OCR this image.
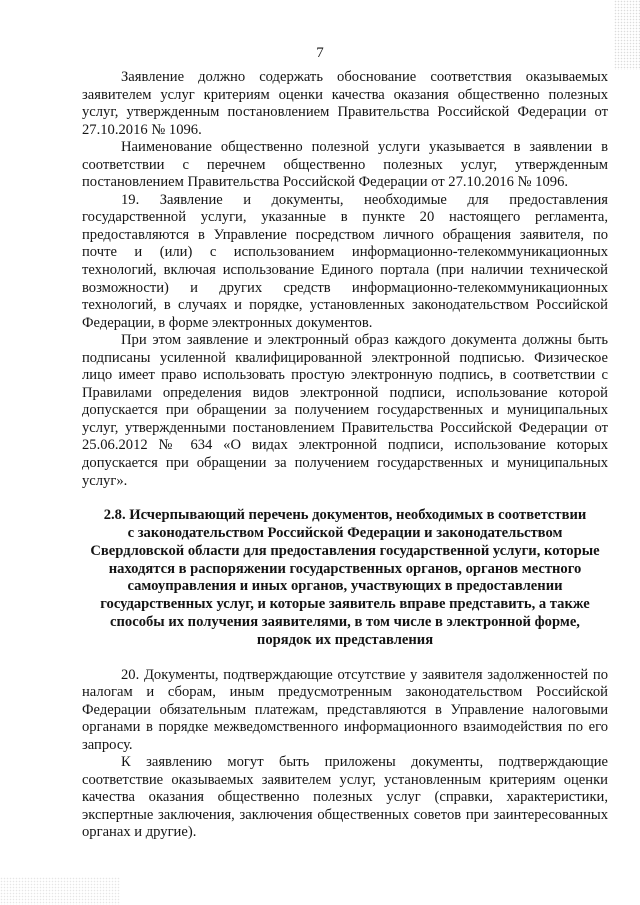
7

Заявление должно содержать обоснование соответствия оказываемых заявителем услуг критериям оценки качества оказания общественно полезных услуг, утвержденным постановлением Правительства Российской Федерации от 27.10.2016 № 1096.

Наименование общественно полезной услуги указывается в заявлении в соответствии с перечнем общественно полезных услуг, утвержденным постановлением Правительства Российской Федерации от 27.10.2016 № 1096.

19. Заявление и документы, необходимые для предоставления государственной услуги, указанные в пункте 20 настоящего регламента, предоставляются в Управление посредством личного обращения заявителя, по почте и (или) с использованием информационно-телекоммуникационных технологий, включая использование Единого портала (при наличии технической возможности) и других средств информационно-телекоммуникационных технологий, в случаях и порядке, установленных законодательством Российской Федерации, в форме электронных документов.

При этом заявление и электронный образ каждого документа должны быть подписаны усиленной квалифицированной электронной подписью. Физическое лицо имеет право использовать простую электронную подпись, в соответствии с Правилами определения видов электронной подписи, использование которой допускается при обращении за получением государственных и муниципальных услуг, утвержденными постановлением Правительства Российской Федерации от 25.06.2012 № 634 «О видах электронной подписи, использование которых допускается при обращении за получением государственных и муниципальных услуг».

2.8. Исчерпывающий перечень документов, необходимых в соответствии
с законодательством Российской Федерации и законодательством
Свердловской области для предоставления государственной услуги, которые
находятся в распоряжении государственных органов, органов местного
самоуправления и иных органов, участвующих в предоставлении
государственных услуг, и которые заявитель вправе представить, а также
способы их получения заявителями, в том числе в электронной форме,
порядок их представления

20. Документы, подтверждающие отсутствие у заявителя задолженностей по налогам и сборам, иным предусмотренным законодательством Российской Федерации обязательным платежам, представляются в Управление налоговыми органами в порядке межведомственного информационного взаимодействия по его запросу.

К заявлению могут быть приложены документы, подтверждающие соответствие оказываемых заявителем услуг, установленным критериям оценки качества оказания общественно полезных услуг (справки, характеристики, экспертные заключения, заключения общественных советов при заинтересованных органах и другие).
